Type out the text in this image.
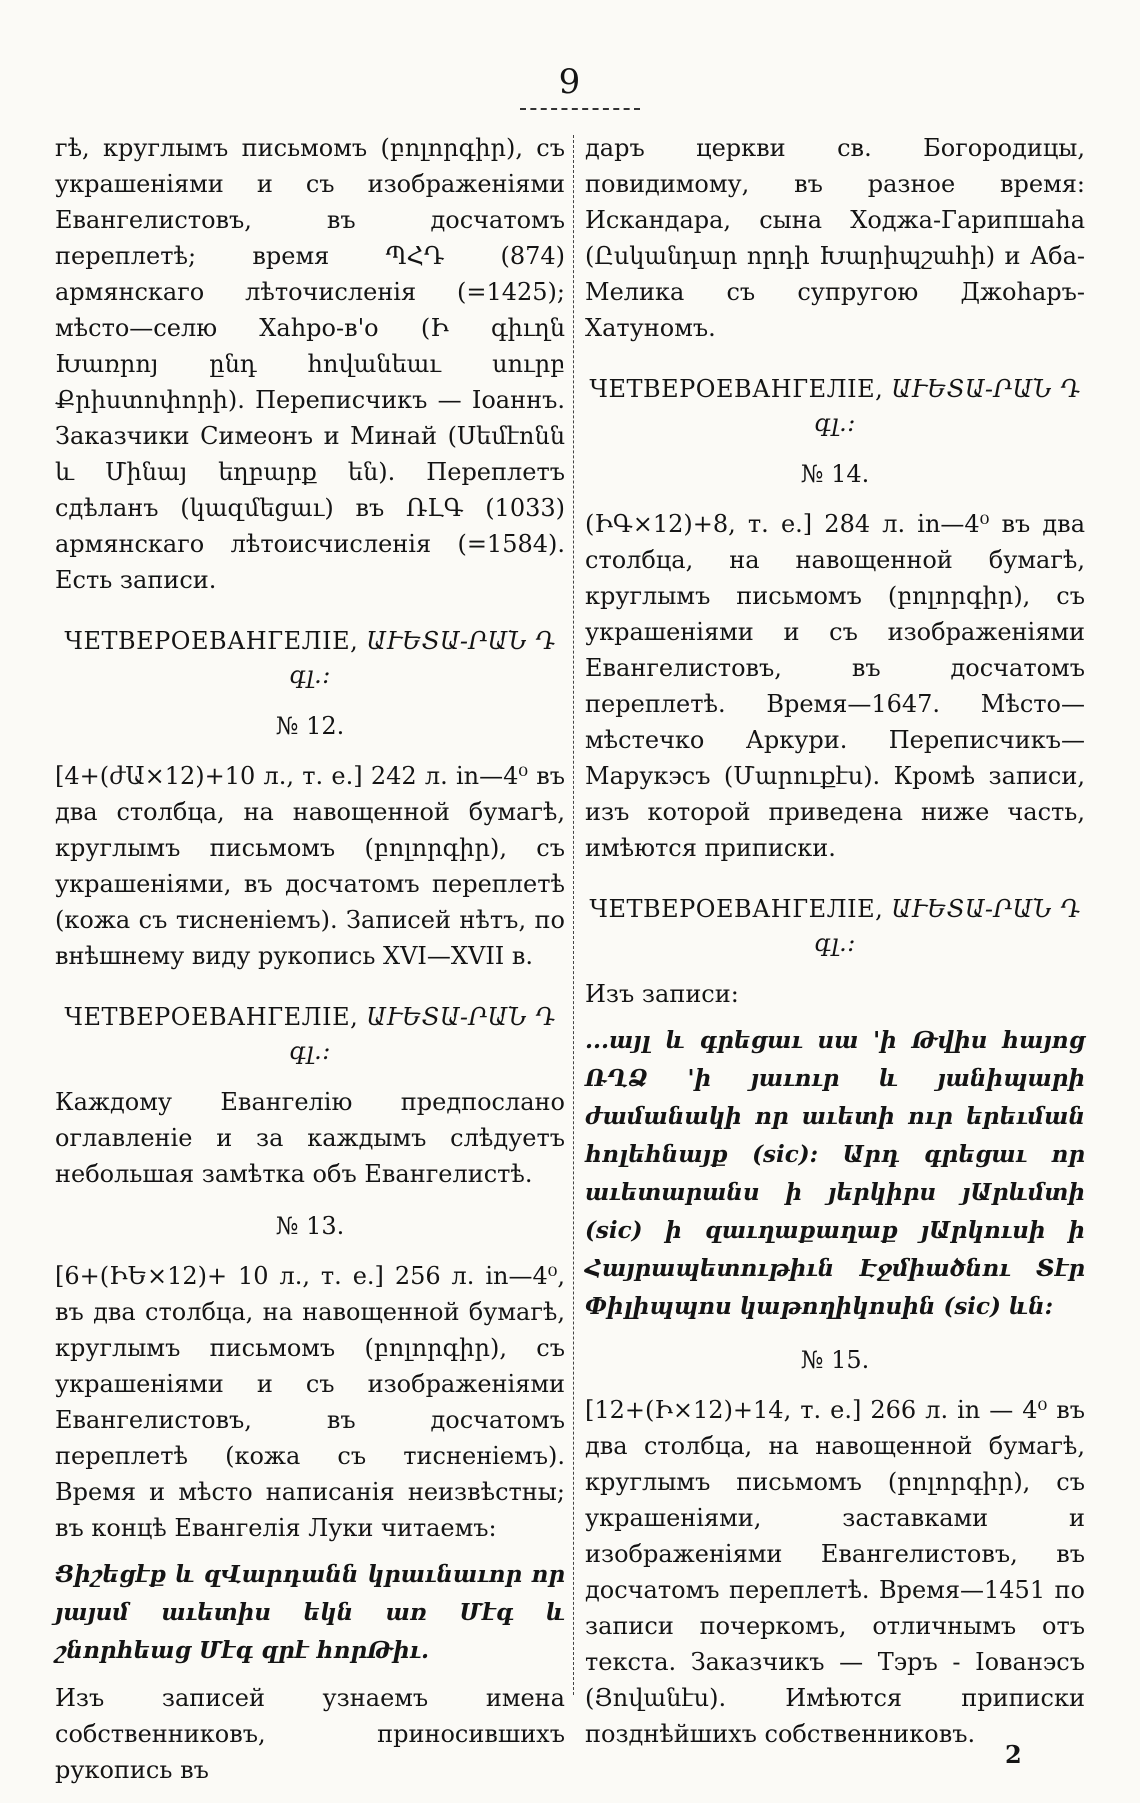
9

гѣ, круглымъ письмомъ (բոլորգիր), съ украшеніями и съ изображеніями Евангелистовъ, въ досчатомъ переплетѣ; время ՊՀԴ (874) армянскаго лѣточисленія (=1425); мѣсто—селю Хаhро-в'о (Ի գիւղն Խառրոյ ընդ հովանեաւ սուրբ Քրիստոփորի). Переписчикъ — Іоаннъ. Заказчики Симеонъ и Минай (Սեմէոնն և Մինայ եղբարք են). Переплетъ сдѣланъ (կազմեցաւ) въ ՌԼԳ (1033) армянскаго лѣтоисчисленія (=1584). Есть записи.

ЧЕТВЕРОЕВАНГЕЛІЕ, ԱՒԵՏԱ-ՐԱՆ Դ գլ.:
№ 12.

[4+(ժԱ×12)+10 л., т. е.] 242 л. in—4⁰ въ два столбца, на навощенной бумагѣ, круглымъ письмомъ (բոլորգիր), съ украшеніями, въ досчатомъ переплетѣ (кожа съ тисненіемъ). Записей нѣтъ, по внѣшнему виду рукопись XVI—XVII в.

ЧЕТВЕРОЕВАНГЕЛІЕ, ԱՒԵՏԱ-ՐԱՆ Դ գլ.:

Каждому Евангелію предпослано оглавленіе и за каждымъ слѣдуетъ небольшая замѣтка объ Евангелистѣ.

№ 13.

[6+(ԻԵ×12)+ 10 л., т. е.] 256 л. in—4⁰, въ два столбца, на навощенной бумагѣ, круглымъ письмомъ (բոլորգիր), съ украшеніями и съ изображеніями Евангелистовъ, въ досчатомъ переплетѣ (кожа съ тисненіемъ). Время и мѣсто написанія неизвѣстны; въ концѣ Евангелія Луки читаемъ:

Ցիշեցէք և զՎարդանն կրաւնաւոր որ յայսմ աւետիս եկն առ Մէգ և շնորհեաց Մէգ զրէ հորԹիւ.

Изъ записей узнаемъ имена собственниковъ, приносившихъ рукопись въ

даръ церкви св. Богородицы, повидимому, въ разное время: Искандара, сына Ходжа-Гарипшаhа (Ըսկանդար որդի Խարիպշահի) и Аба-Мелика съ супругою Джоhаръ-Хатуномъ.

ЧЕТВЕРОЕВАНГЕЛІЕ, ԱՒԵՏԱ-ՐԱՆ Դ գլ.:
№ 14.

(ԻԳ×12)+8, т. е.] 284 л. in—4⁰ въ два столбца, на навощенной бумагѣ, круглымъ письмомъ (բոլորգիր), съ украшеніями и съ изображеніями Евангелистовъ, въ досчатомъ переплетѣ. Время—1647. Мѣсто—мѣстечко Аркури. Переписчикъ—Марукэсъ (Մարուքէս). Кромѣ записи, изъ которой приведена ниже часть, имѣются приписки.

ЧЕТВЕРОЕВАНГЕЛІЕ, ԱՒԵՏԱ-ՐԱՆ Դ գլ.:

Изъ записи:

...այլ և գրեցաւ սա 'ի Թվիս հայոց ՌՂՁ 'ի յաւուր և յանիպարի ժամանակի որ աւետի ուր երեւման հոլեհնայք (sic): Արդ գրեցաւ որ աւետարանս ի յերկիրս յԱրևմտի (sic) ի զաւղաքաղաք յԱրկուսի ի Հայրապետութիւն Էջմիածնու Տէր Փիլիպպոս կաթողիկոսին (sic) ևն:

№ 15.

[12+(Ի×12)+14, т. е.] 266 л. in — 4⁰ въ два столбца, на навощенной бумагѣ, круглымъ письмомъ (բոլորգիր), съ украшеніями, заставками и изображеніями Евангелистовъ, въ досчатомъ переплетѣ. Время—1451 по записи почеркомъ, отличнымъ отъ текста. Заказчикъ — Тэръ - Іованэсъ (Յովանէս). Имѣются приписки позднѣйшихъ собственниковъ.

2
